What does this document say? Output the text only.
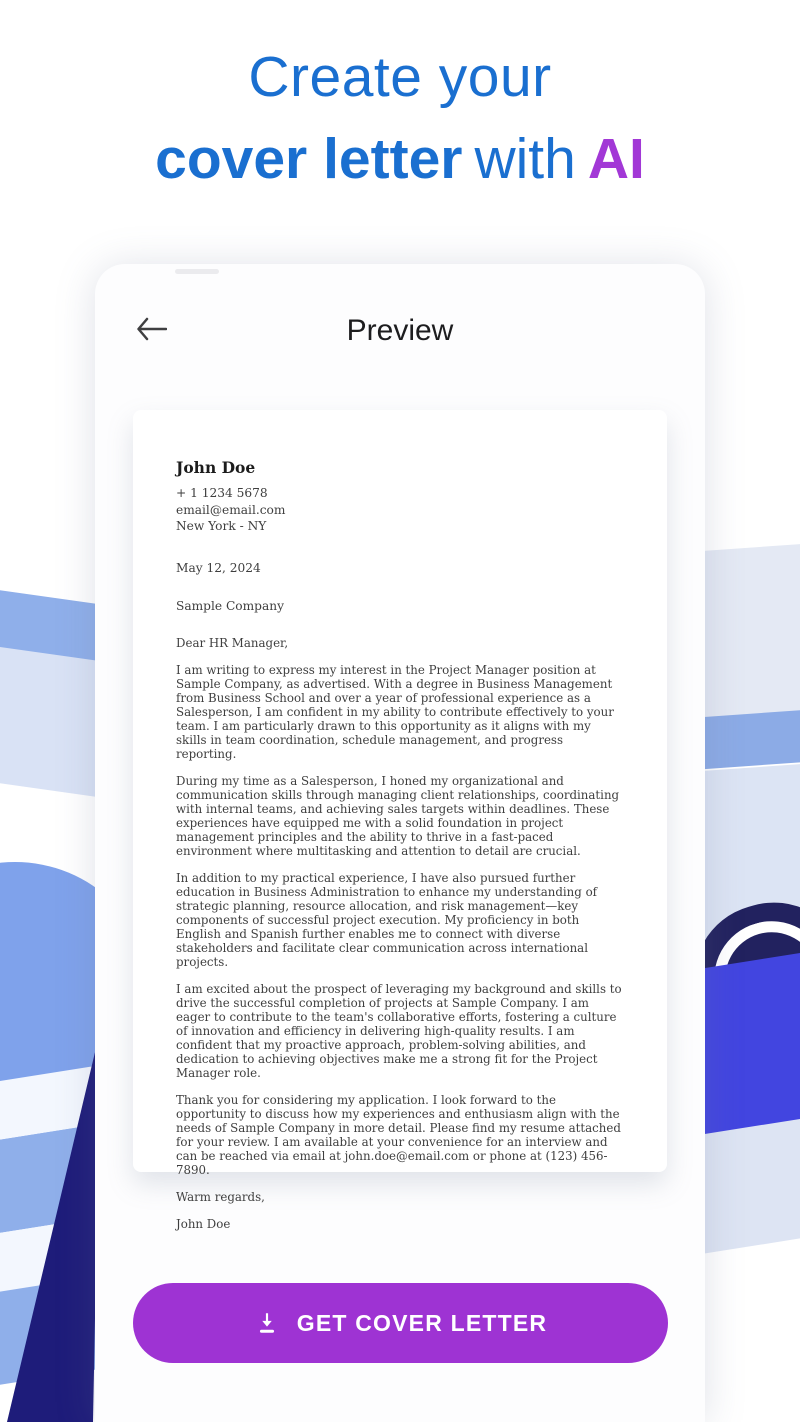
Create your
cover letter with AI
Preview
John Doe
+ 1 1234 5678
email@email.com
New York - NY
May 12, 2024
Sample Company
Dear HR Manager,

I am writing to express my interest in the Project Manager position at Sample Company, as advertised. With a degree in Business Management from Business School and over a year of professional experience as a Salesperson, I am confident in my ability to contribute effectively to your team. I am particularly drawn to this opportunity as it aligns with my skills in team coordination, schedule management, and progress reporting.

During my time as a Salesperson, I honed my organizational and communication skills through managing client relationships, coordinating with internal teams, and achieving sales targets within deadlines. These experiences have equipped me with a solid foundation in project management principles and the ability to thrive in a fast-paced environment where multitasking and attention to detail are crucial.

In addition to my practical experience, I have also pursued further education in Business Administration to enhance my understanding of strategic planning, resource allocation, and risk management—key components of successful project execution. My proficiency in both English and Spanish further enables me to connect with diverse stakeholders and facilitate clear communication across international projects.

I am excited about the prospect of leveraging my background and skills to drive the successful completion of projects at Sample Company. I am eager to contribute to the team's collaborative efforts, fostering a culture of innovation and efficiency in delivering high-quality results. I am confident that my proactive approach, problem-solving abilities, and dedication to achieving objectives make me a strong fit for the Project Manager role.

Thank you for considering my application. I look forward to the opportunity to discuss how my experiences and enthusiasm align with the needs of Sample Company in more detail. Please find my resume attached for your review. I am available at your convenience for an interview and can be reached via email at john.doe@email.com or phone at (123) 456-7890.

Warm regards,
John Doe
GET COVER LETTER
